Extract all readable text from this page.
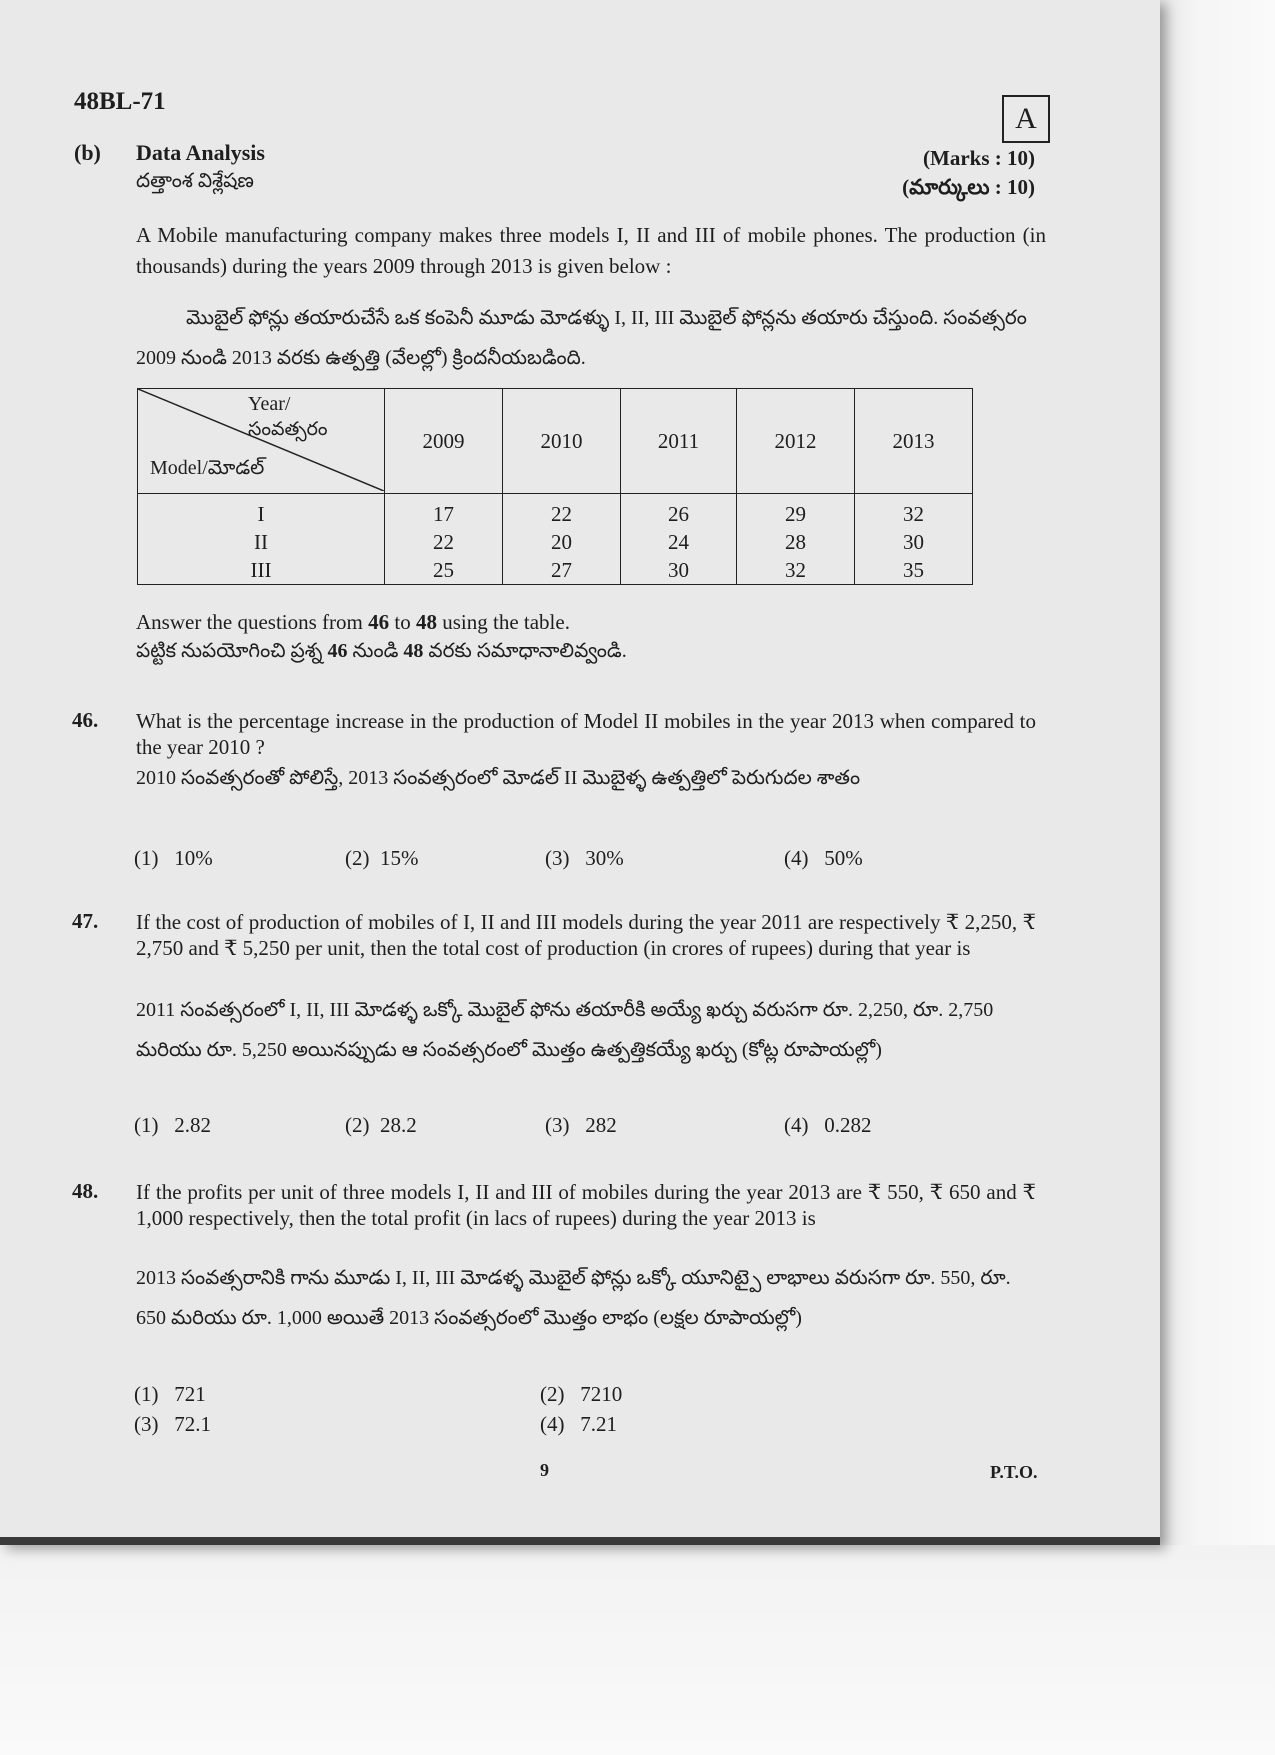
48BL-71
A
(b) Data Analysis
దత్తాంశ విశ్లేషణ
(Marks : 10)
(మార్కులు : 10)
A Mobile manufacturing company makes three models I, II and III of mobile phones. The production (in thousands) during the years 2009 through 2013 is given below :
మొబైల్ ఫోన్లు తయారుచేసే ఒక కంపెనీ మూడు మోడళ్ళు I, II, III మొబైల్ ఫోన్లను తయారు చేస్తుంది. సంవత్సరం 2009 నుండి 2013 వరకు ఉత్పత్తి (వేలల్లో) క్రిందనీయబడింది.
Year/
సంవత్సరం
Model/మోడల్	2009	2010	2011	2012	2013
I	17	22	26	29	32
II	22	20	24	28	30
III	25	27	30	32	35
Answer the questions from 46 to 48 using the table.
పట్టిక నుపయోగించి ప్రశ్న 46 నుండి 48 వరకు సమాధానాలివ్వండి.
46. What is the percentage increase in the production of Model II mobiles in the year 2013 when compared to the year 2010 ?
2010 సంవత్సరంతో పోలిస్తే, 2013 సంవత్సరంలో మోడల్ II మొబైళ్ళ ఉత్పత్తిలో పెరుగుదల శాతం
(1) 10%	(2) 15%	(3) 30%	(4) 50%
47. If the cost of production of mobiles of I, II and III models during the year 2011 are respectively ₹ 2,250, ₹ 2,750 and ₹ 5,250 per unit, then the total cost of production (in crores of rupees) during that year is
2011 సంవత్సరంలో I, II, III మోడళ్ళ ఒక్కో మొబైల్ ఫోను తయారీకి అయ్యే ఖర్చు వరుసగా రూ. 2,250, రూ. 2,750 మరియు రూ. 5,250 అయినప్పుడు ఆ సంవత్సరంలో మొత్తం ఉత్పత్తికయ్యే ఖర్చు (కోట్ల రూపాయల్లో)
(1) 2.82	(2) 28.2	(3) 282	(4) 0.282
48. If the profits per unit of three models I, II and III of mobiles during the year 2013 are ₹ 550, ₹ 650 and ₹ 1,000 respectively, then the total profit (in lacs of rupees) during the year 2013 is
2013 సంవత్సరానికి గాను మూడు I, II, III మోడళ్ళ మొబైల్ ఫోన్లు ఒక్కో యూనిట్పై లాభాలు వరుసగా రూ. 550, రూ. 650 మరియు రూ. 1,000 అయితే 2013 సంవత్సరంలో మొత్తం లాభం (లక్షల రూపాయల్లో)
(1) 721	(2) 7210
(3) 72.1	(4) 7.21
9	P.T.O.
